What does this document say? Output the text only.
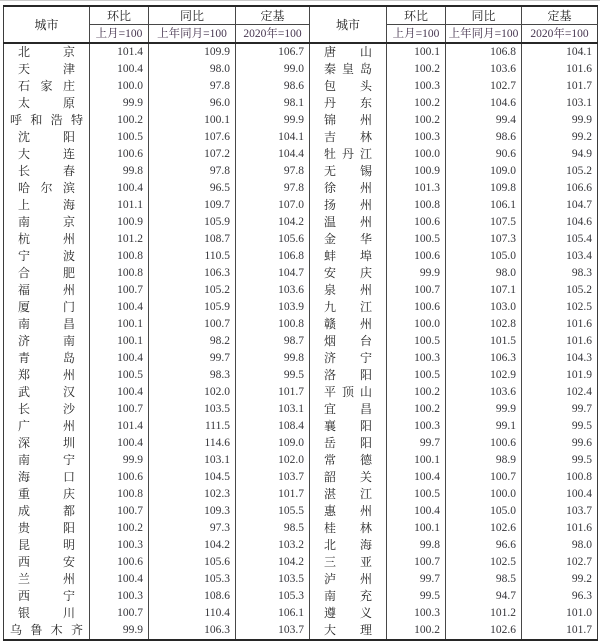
城市	环比	同比	定基	城市	环比	同比	定基
	上月=100	上年同月=100	2020年=100		上月=100	上年同月=100	2020年=100

北 京	101.4	109.9	106.7	唐 山	100.1	106.8	104.1

天 津	100.4	98.0	99.0	秦 皇 岛	100.2	103.6	101.6

石 家 庄	100.0	97.8	98.6	包 头	100.3	102.7	101.7

太 原	99.9	96.0	98.1	丹 东	100.2	104.6	103.1

呼 和 浩 特	100.2	100.1	99.9	锦 州	100.2	99.4	99.9

沈 阳	100.5	107.6	104.1	吉 林	100.3	98.6	99.2

大 连	100.6	107.2	104.4	牡 丹 江	100.0	90.6	94.9

长 春	99.8	97.8	97.8	无 锡	100.9	109.0	105.2

哈 尔 滨	100.4	96.5	97.8	徐 州	101.3	109.8	106.6

上 海	101.1	109.7	107.0	扬 州	100.8	106.1	104.7

南 京	100.9	105.9	104.2	温 州	100.6	107.5	104.6

杭 州	101.2	108.7	105.6	金 华	100.5	107.3	105.4

宁 波	100.8	110.5	106.8	蚌 埠	100.6	105.0	103.4

合 肥	100.8	106.3	104.7	安 庆	99.9	98.0	98.3

福 州	100.7	105.2	103.6	泉 州	100.7	107.1	105.2

厦 门	100.4	105.9	103.9	九 江	100.6	103.0	102.5

南 昌	100.1	100.7	100.8	赣 州	100.0	102.8	101.6

济 南	100.1	98.2	98.7	烟 台	100.5	101.5	101.6

青 岛	100.4	99.7	99.8	济 宁	100.3	106.3	104.3

郑 州	100.5	98.3	99.5	洛 阳	100.5	102.9	101.9

武 汉	100.4	102.0	101.7	平 顶 山	100.2	103.6	102.4

长 沙	100.7	103.5	103.1	宜 昌	100.2	99.9	99.7

广 州	101.4	111.5	108.4	襄 阳	100.3	99.1	99.5

深 圳	100.4	114.6	109.0	岳 阳	99.7	100.6	99.6

南 宁	99.9	103.1	102.0	常 德	100.1	98.9	99.5

海 口	100.6	104.5	103.7	韶 关	100.4	100.7	100.8

重 庆	100.8	102.3	101.7	湛 江	100.5	100.0	100.4

成 都	100.7	109.3	105.5	惠 州	100.4	105.0	103.7

贵 阳	100.2	97.3	98.5	桂 林	100.1	102.6	101.6

昆 明	100.3	104.2	103.2	北 海	99.8	96.6	98.0

西 安	100.6	105.6	104.2	三 亚	100.7	102.5	102.7

兰 州	100.4	105.3	103.5	泸 州	99.7	98.5	99.2

西 宁	100.3	108.6	105.3	南 充	99.5	94.7	96.3

银 川	100.7	110.4	106.1	遵 义	100.3	101.2	101.0

乌 鲁 木 齐	99.9	106.3	103.7	大 理	100.2	102.6	101.7
